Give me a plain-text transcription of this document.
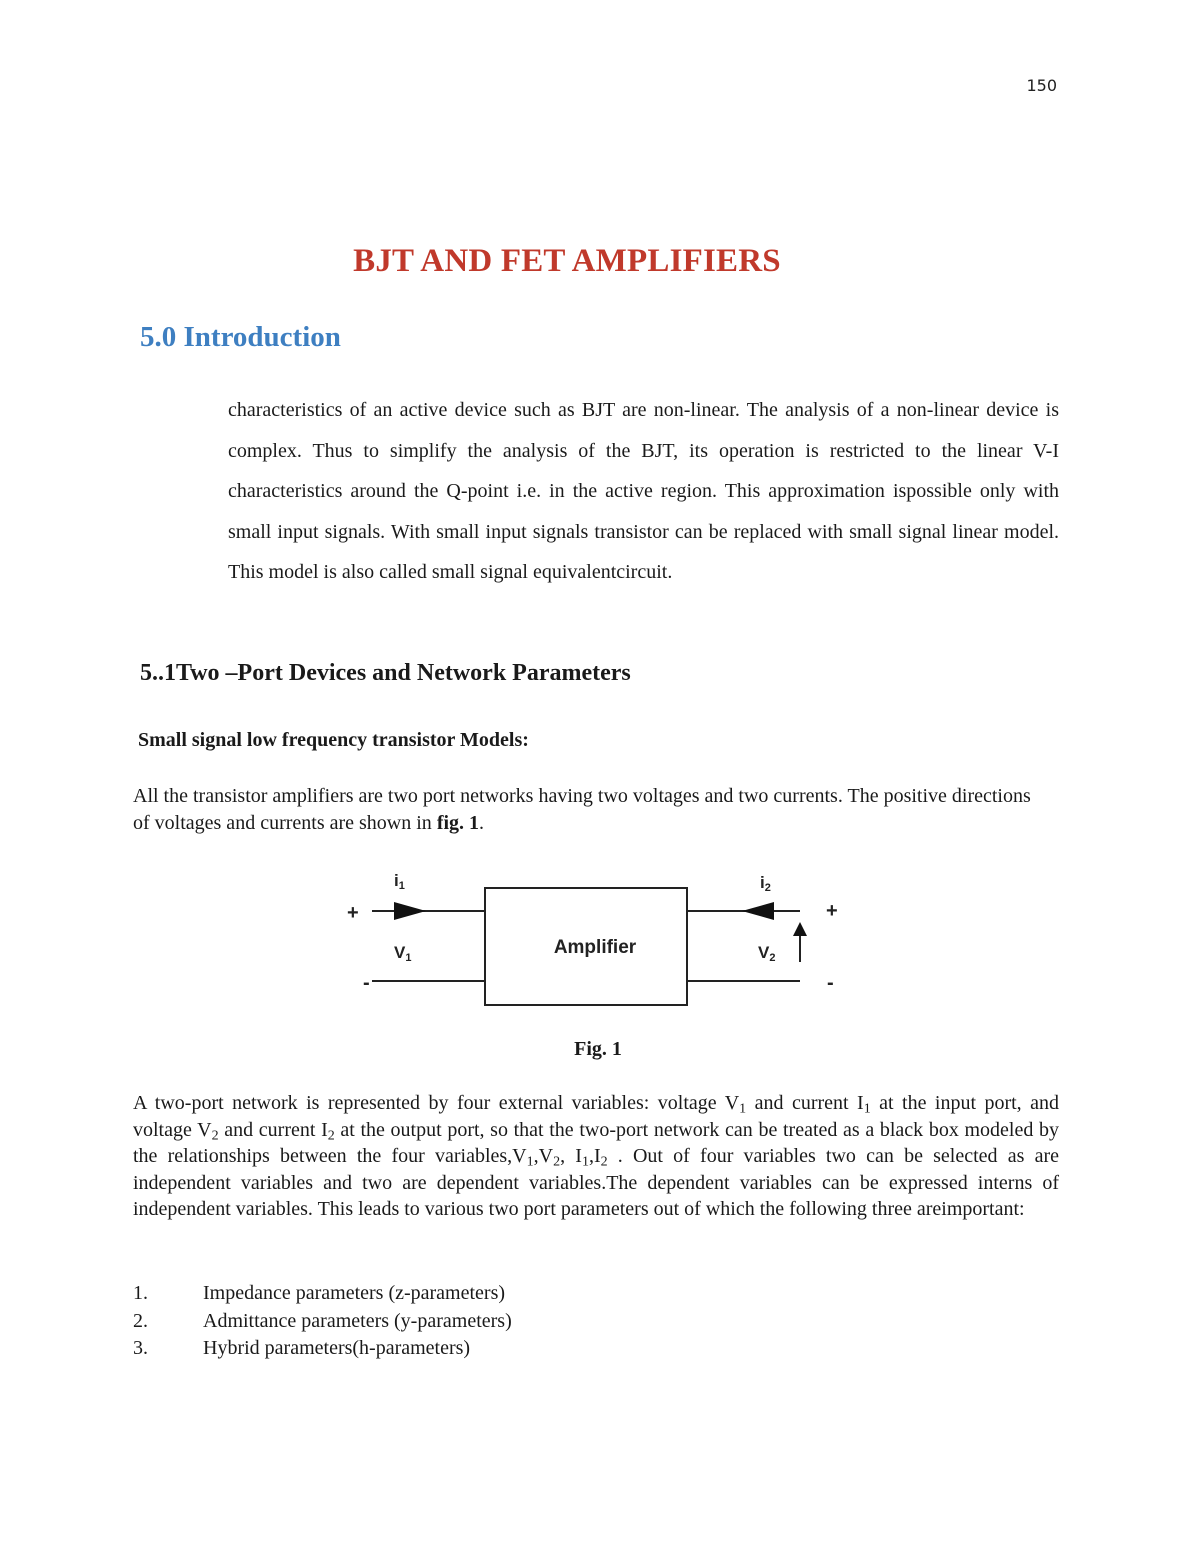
150
BJT AND FET AMPLIFIERS
5.0 Introduction

characteristics of an active device such as BJT are non-linear. The analysis of a non-linear device is complex. Thus to simplify the analysis of the BJT, its operation is restricted to the linear V-I characteristics around the Q-point i.e. in the active region. This approximation ispossible only with small input signals. With small input signals transistor can be replaced with small signal linear model. This model is also called small signal equivalentcircuit.

5..1Two –Port Devices and Network Parameters
Small signal low frequency transistor Models:

All the transistor amplifiers are two port networks having two voltages and two currents. The positive directions of voltages and currents are shown in fig. 1.

i1	i2
+	+
-	-
V1	V2
Amplifier

Fig. 1

A two-port network is represented by four external variables: voltage $V_1$ and current $I_1$ at the input port, and voltage $V_2$ and current $I_2$ at the output port, so that the two-port network can be treated as a black box modeled by the relationships between the four $variables,V_1,V_2$, $I_1,I_2$ . Out of four variables two can be selected as are independent variables and two are dependent variables.The dependent variables can be expressed interns of independent variables. This leads to various two port parameters out of which the following three areimportant:

1.	Impedance parameters (z-parameters)
2.	Admittance parameters (y-parameters)
3.	Hybrid parameters(h-parameters)
